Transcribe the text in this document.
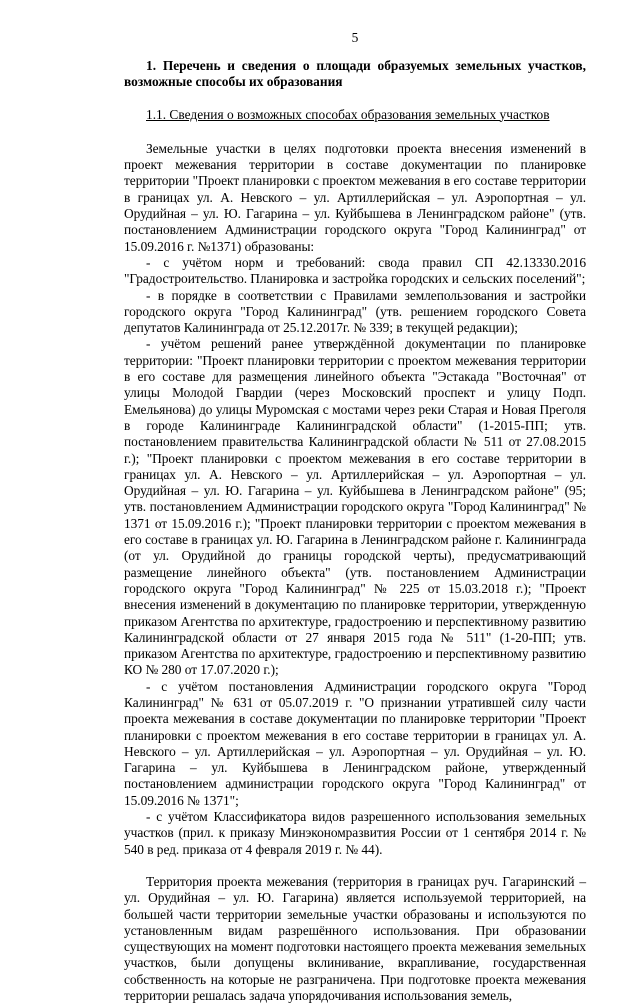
5
1. Перечень и сведения о площади образуемых земельных участков, возможные способы их образования
1.1. Сведения о возможных способах образования земельных участков

Земельные участки в целях подготовки проекта внесения изменений в проект межевания территории в составе документации по планировке территории "Проект планировки с проектом межевания в его составе территории в границах ул. А. Невского – ул. Артиллерийская – ул. Аэропортная – ул. Орудийная – ул. Ю. Гагарина – ул. Куйбышева в Ленинградском районе" (утв. постановлением Администрации городского округа "Город Калининград" от 15.09.2016 г. №1371) образованы:

- с учётом норм и требований: свода правил СП 42.13330.2016 "Градостроительство. Планировка и застройка городских и сельских поселений";

- в порядке в соответствии с Правилами землепользования и застройки городского округа "Город Калининград" (утв. решением городского Совета депутатов Калининграда от 25.12.2017г. № 339; в текущей редакции);

- учётом решений ранее утверждённой документации по планировке территории: "Проект планировки территории с проектом межевания территории в его составе для размещения линейного объекта "Эстакада "Восточная" от улицы Молодой Гвардии (через Московский проспект и улицу Подп. Емельянова) до улицы Муромская с мостами через реки Старая и Новая Преголя в городе Калининграде Калининградской области" (1-2015-ПП; утв. постановлением правительства Калининградской области № 511 от 27.08.2015 г.); "Проект планировки с проектом межевания в его составе территории в границах ул. А. Невского – ул. Артиллерийская – ул. Аэропортная – ул. Орудийная – ул. Ю. Гагарина – ул. Куйбышева в Ленинградском районе" (95; утв. постановлением Администрации городского округа "Город Калининград" № 1371 от 15.09.2016 г.); "Проект планировки территории с проектом межевания в его составе в границах ул. Ю. Гагарина в Ленинградском районе г. Калининграда (от ул. Орудийной до границы городской черты), предусматривающий размещение линейного объекта" (утв. постановлением Администрации городского округа "Город Калининград" № 225 от 15.03.2018 г.); "Проект внесения изменений в документацию по планировке территории, утвержденную приказом Агентства по архитектуре, градостроению и перспективному развитию Калининградской области от 27 января 2015 года № 511" (1-20-ПП; утв. приказом Агентства по архитектуре, градостроению и перспективному развитию КО № 280 от 17.07.2020 г.);

- с учётом постановления Администрации городского округа "Город Калининград" № 631 от 05.07.2019 г. "О признании утратившей силу части проекта межевания в составе документации по планировке территории "Проект планировки с проектом межевания в его составе территории в границах ул. А. Невского – ул. Артиллерийская – ул. Аэропортная – ул. Орудийная – ул. Ю. Гагарина – ул. Куйбышева в Ленинградском районе, утвержденный постановлением администрации городского округа "Город Калининград" от 15.09.2016 № 1371";

- с учётом Классификатора видов разрешенного использования земельных участков (прил. к приказу Минэкономразвития России от 1 сентября 2014 г. № 540 в ред. приказа от 4 февраля 2019 г. № 44).

Территория проекта межевания (территория в границах руч. Гагаринский – ул. Орудийная – ул. Ю. Гагарина) является используемой территорией, на большей части территории земельные участки образованы и используются по установленным видам разрешённого использования. При образовании существующих на момент подготовки настоящего проекта межевания земельных участков, были допущены вклинивание, вкрапливание, государственная собственность на которые не разграничена. При подготовке проекта межевания территории решалась задача упорядочивания использования земель,
